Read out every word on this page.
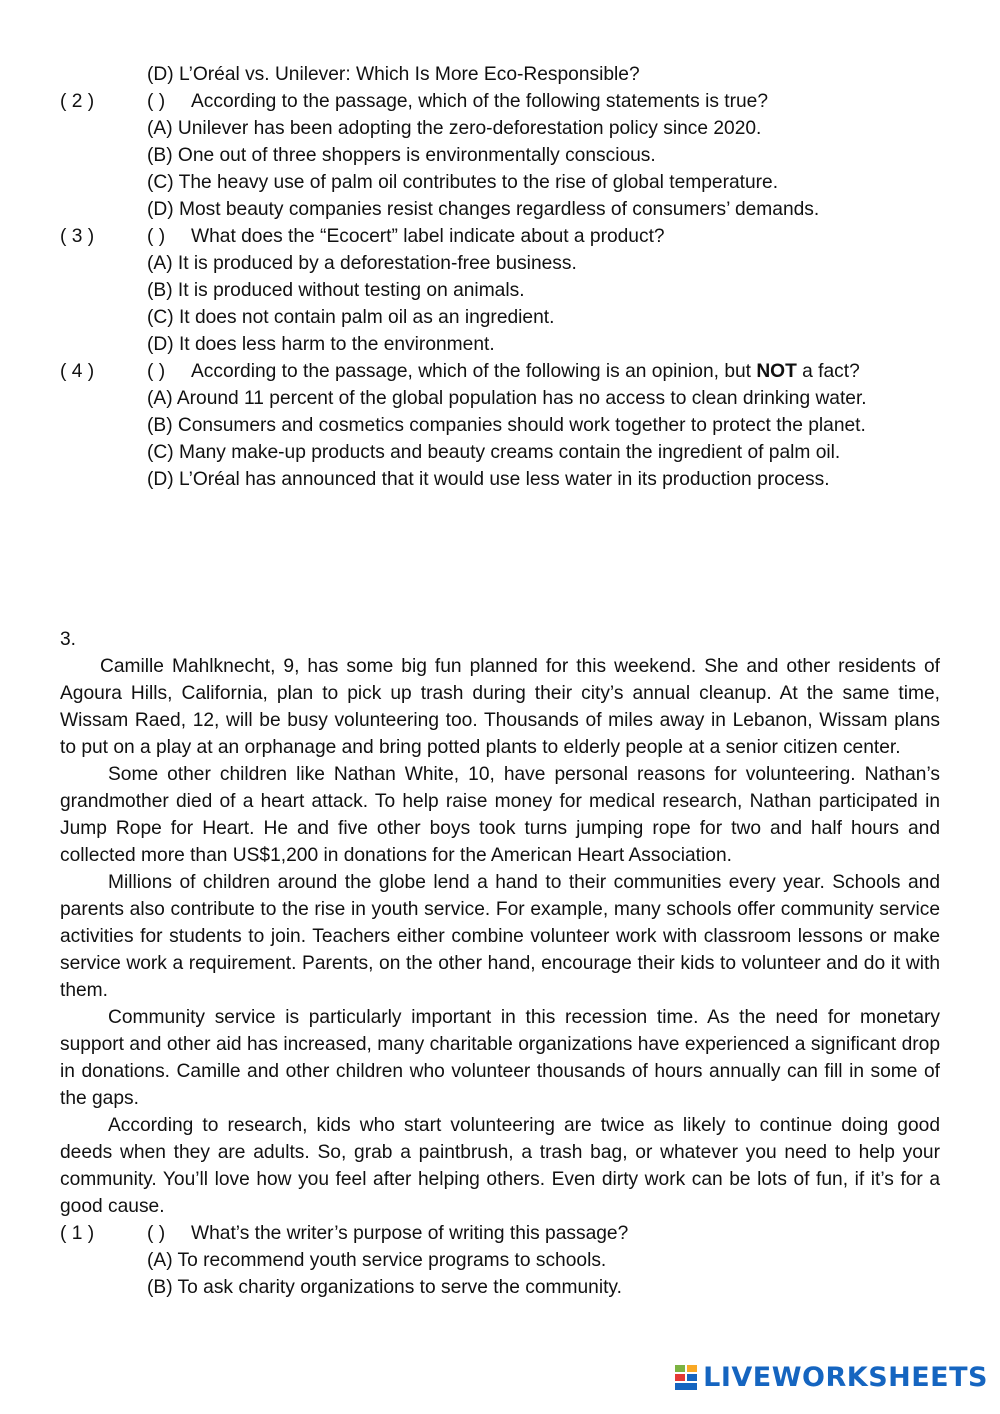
(D) L’Oréal vs. Unilever: Which Is More Eco-Responsible?
( 2 )	( ) According to the passage, which of the following statements is true?
(A) Unilever has been adopting the zero-deforestation policy since 2020.
(B) One out of three shoppers is environmentally conscious.
(C) The heavy use of palm oil contributes to the rise of global temperature.
(D) Most beauty companies resist changes regardless of consumers’ demands.
( 3 )	( ) What does the “Ecocert” label indicate about a product?
(A) It is produced by a deforestation-free business.
(B) It is produced without testing on animals.
(C) It does not contain palm oil as an ingredient.
(D) It does less harm to the environment.
( 4 )	( ) According to the passage, which of the following is an opinion, but NOT a fact?
(A) Around 11 percent of the global population has no access to clean drinking water.
(B) Consumers and cosmetics companies should work together to protect the planet.
(C) Many make-up products and beauty creams contain the ingredient of palm oil.
(D) L’Oréal has announced that it would use less water in its production process.

3.

Camille Mahlknecht, 9, has some big fun planned for this weekend. She and other residents of Agoura Hills, California, plan to pick up trash during their city’s annual cleanup. At the same time, Wissam Raed, 12, will be busy volunteering too. Thousands of miles away in Lebanon, Wissam plans to put on a play at an orphanage and bring potted plants to elderly people at a senior citizen center.

Some other children like Nathan White, 10, have personal reasons for volunteering. Nathan’s grandmother died of a heart attack. To help raise money for medical research, Nathan participated in Jump Rope for Heart. He and five other boys took turns jumping rope for two and half hours and collected more than US$1,200 in donations for the American Heart Association.

Millions of children around the globe lend a hand to their communities every year. Schools and parents also contribute to the rise in youth service. For example, many schools offer community service activities for students to join. Teachers either combine volunteer work with classroom lessons or make service work a requirement. Parents, on the other hand, encourage their kids to volunteer and do it with them.

Community service is particularly important in this recession time. As the need for monetary support and other aid has increased, many charitable organizations have experienced a significant drop in donations. Camille and other children who volunteer thousands of hours annually can fill in some of the gaps.

According to research, kids who start volunteering are twice as likely to continue doing good deeds when they are adults. So, grab a paintbrush, a trash bag, or whatever you need to help your community. You’ll love how you feel after helping others. Even dirty work can be lots of fun, if it’s for a good cause.

( 1 )	( ) What’s the writer’s purpose of writing this passage?
(A) To recommend youth service programs to schools.
(B) To ask charity organizations to serve the community.
LIVEWORKSHEETS
